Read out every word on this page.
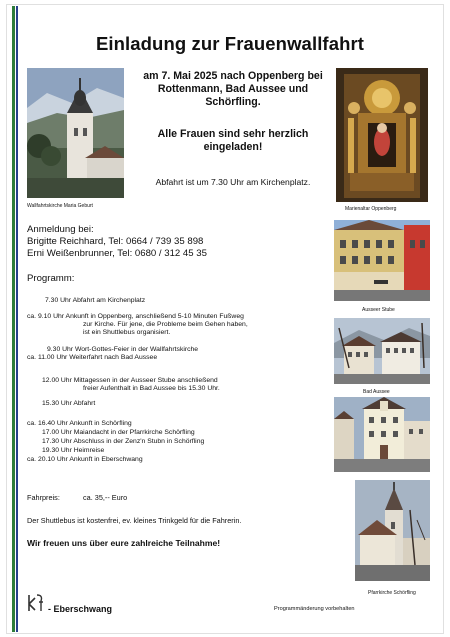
Einladung zur Frauenwallfahrt
Wallfahrtskirche Maria Geburt
am 7. Mai 2025 nach Oppenberg bei Rottenmann, Bad Aussee und Schörfling.
Alle Frauen sind sehr herzlich eingeladen!
Abfahrt ist um 7.30 Uhr am Kirchenplatz.
Marienaltar Oppenberg
Anmeldung bei:
Brigitte Reichhard, Tel: 0664 / 739 35 898
Erni Weißenbrunner, Tel: 0680 / 312 45 35
Ausseer Stube
Programm:
7.30 Uhr Abfahrt am Kirchenplatz
ca. 9.10 Uhr Ankunft in Oppenberg, anschließend 5-10 Minuten Fußweg
zur Kirche. Für jene, die Probleme beim Gehen haben,
ist ein Shuttlebus organisiert.
9.30 Uhr Wort-Gottes-Feier in der Wallfahrtskirche
ca. 11.00 Uhr Weiterfahrt nach Bad Aussee
12.00 Uhr Mittagessen in der Ausseer Stube anschließend
freier Aufenthalt in Bad Aussee bis 15.30 Uhr.
15.30 Uhr Abfahrt
ca. 16.40 Uhr Ankunft in Schörfling
17.00 Uhr Maiandacht in der Pfarrkirche Schörfling
17.30 Uhr Abschluss in der Zenz'n Stubn in Schörfling
19.30 Uhr Heimreise
ca. 20.10 Uhr Ankunft in Eberschwang
Bad Aussee
Fahrpreis:	ca. 35,-- Euro
Pfarrkirche Schörfling
Der Shuttlebus ist kostenfrei, ev. kleines Trinkgeld für die Fahrerin.
Wir freuen uns über eure zahlreiche Teilnahme!
- Eberschwang	Programmänderung vorbehalten
